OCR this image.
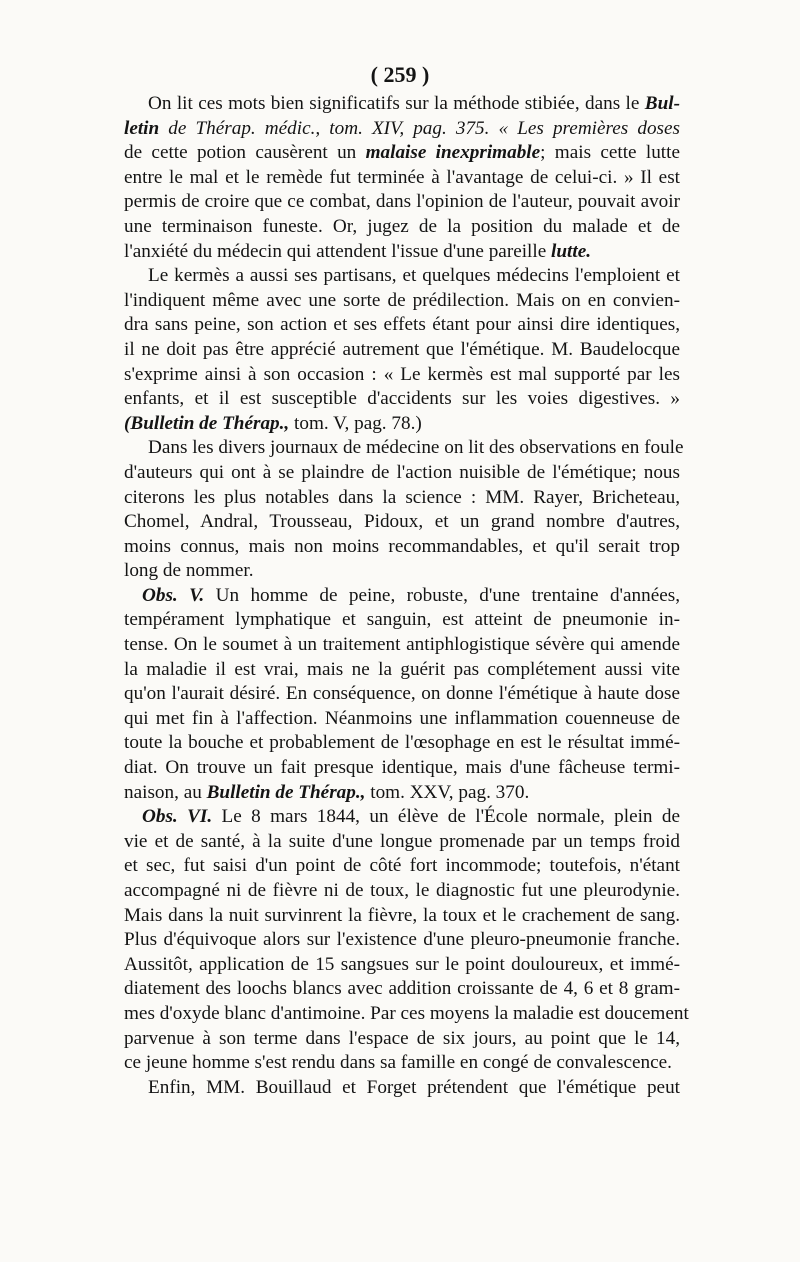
( 259 )
On lit ces mots bien significatifs sur la méthode stibiée, dans le Bul-
letin de Thérap. médic., tom. XIV, pag. 375. « Les premières doses
de cette potion causèrent un malaise inexprimable; mais cette lutte
entre le mal et le remède fut terminée à l'avantage de celui-ci. » Il est
permis de croire que ce combat, dans l'opinion de l'auteur, pouvait avoir
une terminaison funeste. Or, jugez de la position du malade et de
l'anxiété du médecin qui attendent l'issue d'une pareille lutte.
Le kermès a aussi ses partisans, et quelques médecins l'emploient et
l'indiquent même avec une sorte de prédilection. Mais on en convien-
dra sans peine, son action et ses effets étant pour ainsi dire identiques,
il ne doit pas être apprécié autrement que l'émétique. M. Baudelocque
s'exprime ainsi à son occasion : « Le kermès est mal supporté par les
enfants, et il est susceptible d'accidents sur les voies digestives. »
(Bulletin de Thérap., tom. V, pag. 78.)
Dans les divers journaux de médecine on lit des observations en foule
d'auteurs qui ont à se plaindre de l'action nuisible de l'émétique; nous
citerons les plus notables dans la science : MM. Rayer, Bricheteau,
Chomel, Andral, Trousseau, Pidoux, et un grand nombre d'autres,
moins connus, mais non moins recommandables, et qu'il serait trop
long de nommer.
Obs. V. Un homme de peine, robuste, d'une trentaine d'années,
tempérament lymphatique et sanguin, est atteint de pneumonie in-
tense. On le soumet à un traitement antiphlogistique sévère qui amende
la maladie il est vrai, mais ne la guérit pas complétement aussi vite
qu'on l'aurait désiré. En conséquence, on donne l'émétique à haute dose
qui met fin à l'affection. Néanmoins une inflammation couenneuse de
toute la bouche et probablement de l'œsophage en est le résultat immé-
diat. On trouve un fait presque identique, mais d'une fâcheuse termi-
naison, au Bulletin de Thérap., tom. XXV, pag. 370.
Obs. VI. Le 8 mars 1844, un élève de l'École normale, plein de
vie et de santé, à la suite d'une longue promenade par un temps froid
et sec, fut saisi d'un point de côté fort incommode; toutefois, n'étant
accompagné ni de fièvre ni de toux, le diagnostic fut une pleurodynie.
Mais dans la nuit survinrent la fièvre, la toux et le crachement de sang.
Plus d'équivoque alors sur l'existence d'une pleuro-pneumonie franche.
Aussitôt, application de 15 sangsues sur le point douloureux, et immé-
diatement des loochs blancs avec addition croissante de 4, 6 et 8 gram-
mes d'oxyde blanc d'antimoine. Par ces moyens la maladie est doucement
parvenue à son terme dans l'espace de six jours, au point que le 14,
ce jeune homme s'est rendu dans sa famille en congé de convalescence.
Enfin, MM. Bouillaud et Forget prétendent que l'émétique peut
